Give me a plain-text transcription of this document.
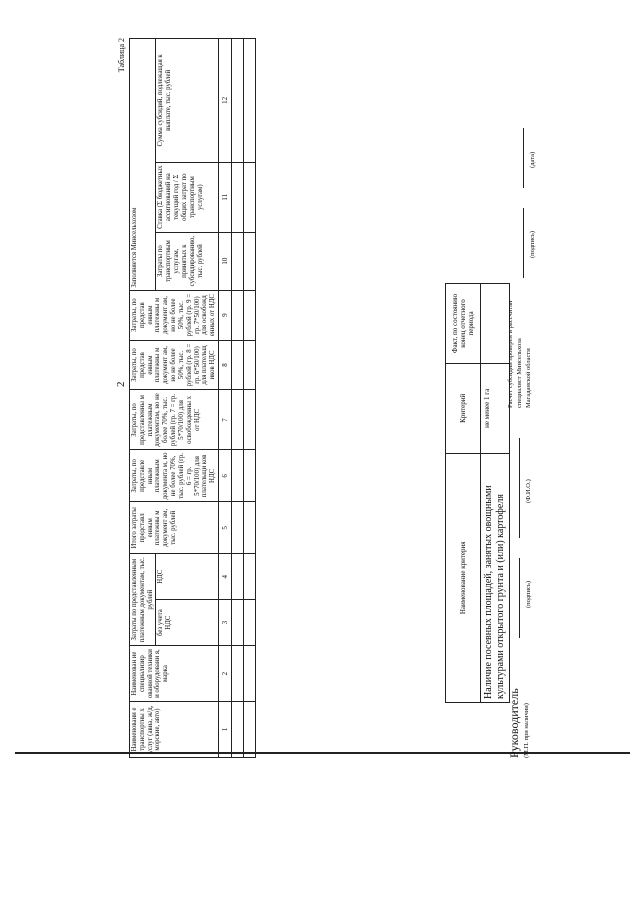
2
Таблица 2
Наименовани е транспортны х услуг (авиа, ж/д, морские, авто)	Наименован ие специализир ованной техники и оборудовани я, марка	Затраты по представленным платежным документам, тыс. рублей		Итого затраты представл енным платежны м документ ам, тыс. рублей	Затраты, по представле нным платежным документа м, но не более 70%, тыс. рублей (гр. 6 = гр. 5*70/100) для плательщи ков НДС	Затраты, по представленны м платежным документам, но не более 70%, тыс. рублей (гр. 7 = гр. 5*70/100) для освобожденны х от НДС	Затраты, по представ енным платежны м документ ам, но не более 50%, тыс. рублей (гр. 8 = гр. 6*50/100) для плательщ иков НДС	Затраты, по представ енным платежны м документ ам, но не более 50%, тыс. рублей (гр. 9 = гр. 7*50/100) для освобожд енных от НДС	Заполняется Минсельхозом		
		без учета НДС	НДС						Затраты по транспортным услугам, принятых к субсидированию, тыс. рублей	Ставка (Σ бюджетных ассигнований на текущий год / Σ общих затрат по транспортным услугам)	Сумма субсидий, подлежащая к выплате, тыс. рублей

1	2	3	4	5	6	7	8	9	10	11	12

Наименование критерия	Критерий	Факт, по состоянию конец отчетного периода
Наличие посевных площадей, занятых овощными культурами открытого грунта и (или) картофеля	не менее 1 га	
Руководитель (М.П. при наличии)
(подпись)
(Ф.И.О.)
Расчет субсидии проверен и рассчитан специалист Минсельхоза Магаданской области
(подпись)
(дата)
